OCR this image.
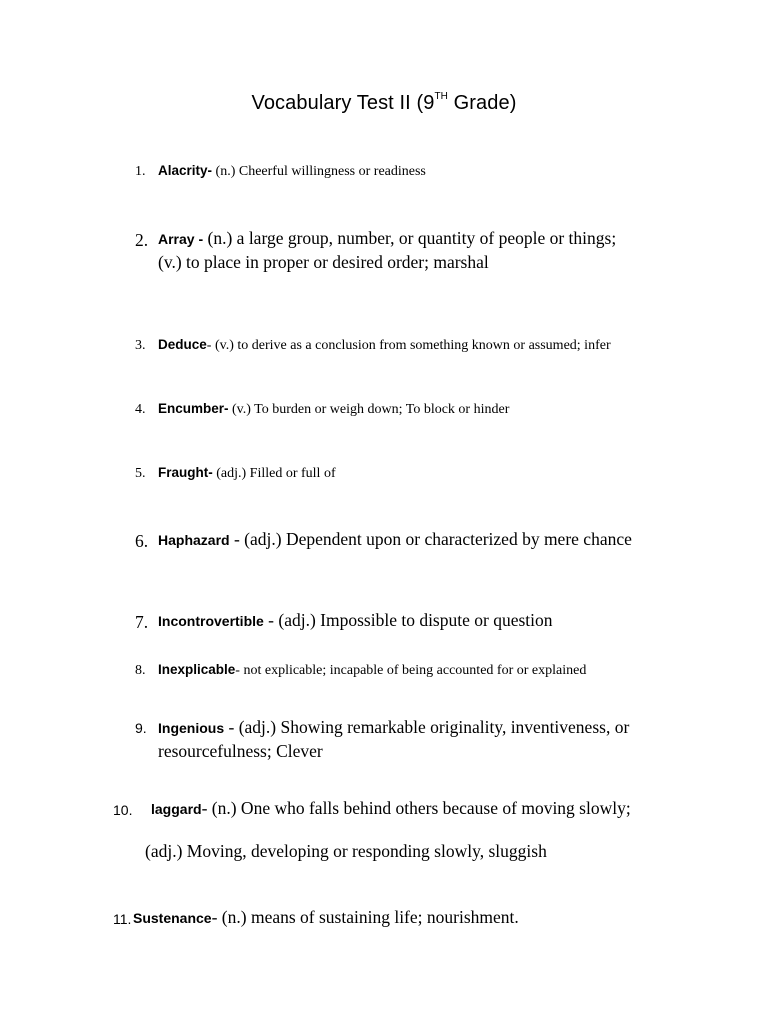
Vocabulary Test II (9TH Grade)
1. Alacrity- (n.) Cheerful willingness or readiness
2. Array - (n.) a large group, number, or quantity of people or things;
(v.) to place in proper or desired order; marshal
3. Deduce- (v.) to derive as a conclusion from something known or assumed; infer
4. Encumber- (v.) To burden or weigh down; To block or hinder
5. Fraught- (adj.) Filled or full of
6. Haphazard - (adj.) Dependent upon or characterized by mere chance
7. Incontrovertible - (adj.) Impossible to dispute or question
8. Inexplicable- not explicable; incapable of being accounted for or explained
9. Ingenious - (adj.) Showing remarkable originality, inventiveness, or
resourcefulness; Clever
10. laggard- (n.) One who falls behind others because of moving slowly;
(adj.) Moving, developing or responding slowly, sluggish
11. Sustenance- (n.) means of sustaining life; nourishment.
